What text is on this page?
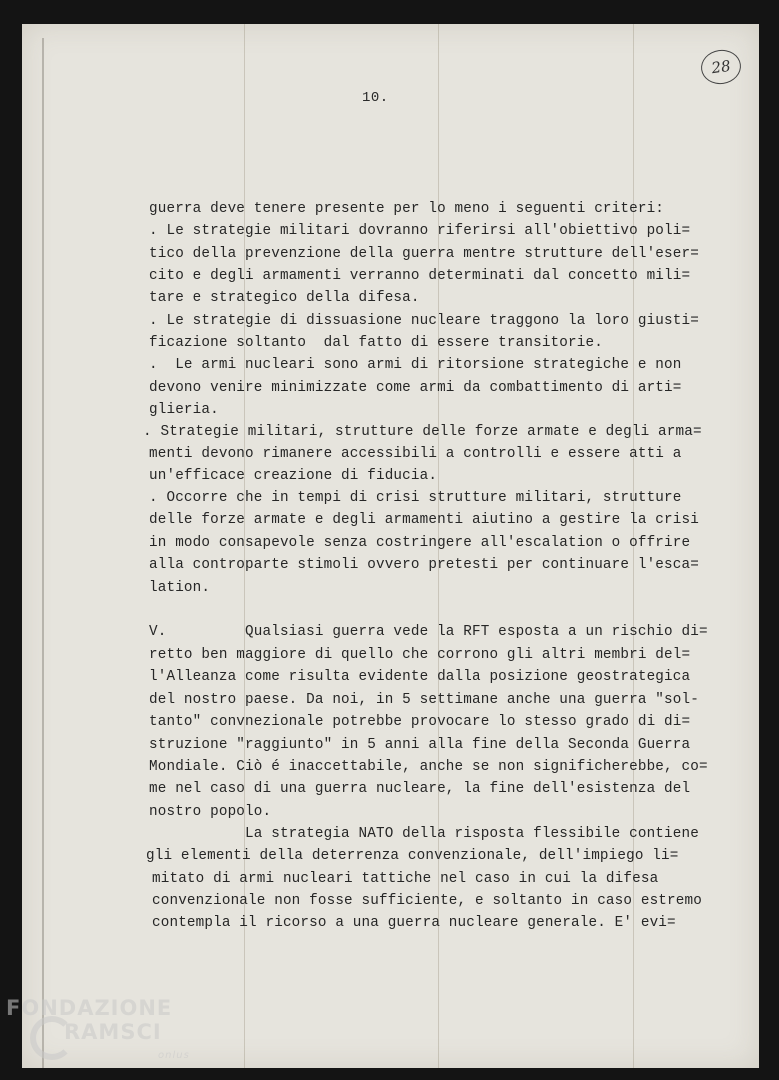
10.
28
guerra deve tenere presente per lo meno i seguenti criteri:
. Le strategie militari dovranno riferirsi all'obiettivo poli=
tico della prevenzione della guerra mentre strutture dell'eser=
cito e degli armamenti verranno determinati dal concetto mili=
tare e strategico della difesa.
. Le strategie di dissuasione nucleare traggono la loro giusti=
ficazione soltanto  dal fatto di essere transitorie.
.  Le armi nucleari sono armi di ritorsione strategiche e non
devono venire minimizzate come armi da combattimento di arti=
glieria.
. Strategie militari, strutture delle forze armate e degli arma=
menti devono rimanere accessibili a controlli e essere atti a
un'efficace creazione di fiducia.
. Occorre che in tempi di crisi strutture militari, strutture
delle forze armate e degli armamenti aiutino a gestire la crisi
in modo consapevole senza costringere all'escalation o offrire
alla controparte stimoli ovvero pretesti per continuare l'esca=
lation.
V.         Qualsiasi guerra vede la RFT esposta a un rischio di=
retto ben maggiore di quello che corrono gli altri membri del=
l'Alleanza come risulta evidente dalla posizione geostrategica
del nostro paese. Da noi, in 5 settimane anche una guerra "sol-
tanto" convnezionale potrebbe provocare lo stesso grado di di=
struzione "raggiunto" in 5 anni alla fine della Seconda Guerra
Mondiale. Ciò é inaccettabile, anche se non significherebbe, co=
me nel caso di una guerra nucleare, la fine dell'esistenza del
nostro popolo.
La strategia NATO della risposta flessibile contiene
gli elementi della deterrenza convenzionale, dell'impiego li=
mitato di armi nucleari tattiche nel caso in cui la difesa
convenzionale non fosse sufficiente, e soltanto in caso estremo
contempla il ricorso a una guerra nucleare generale. E' evi=
FONDAZIONE
RAMSCI
onlus
